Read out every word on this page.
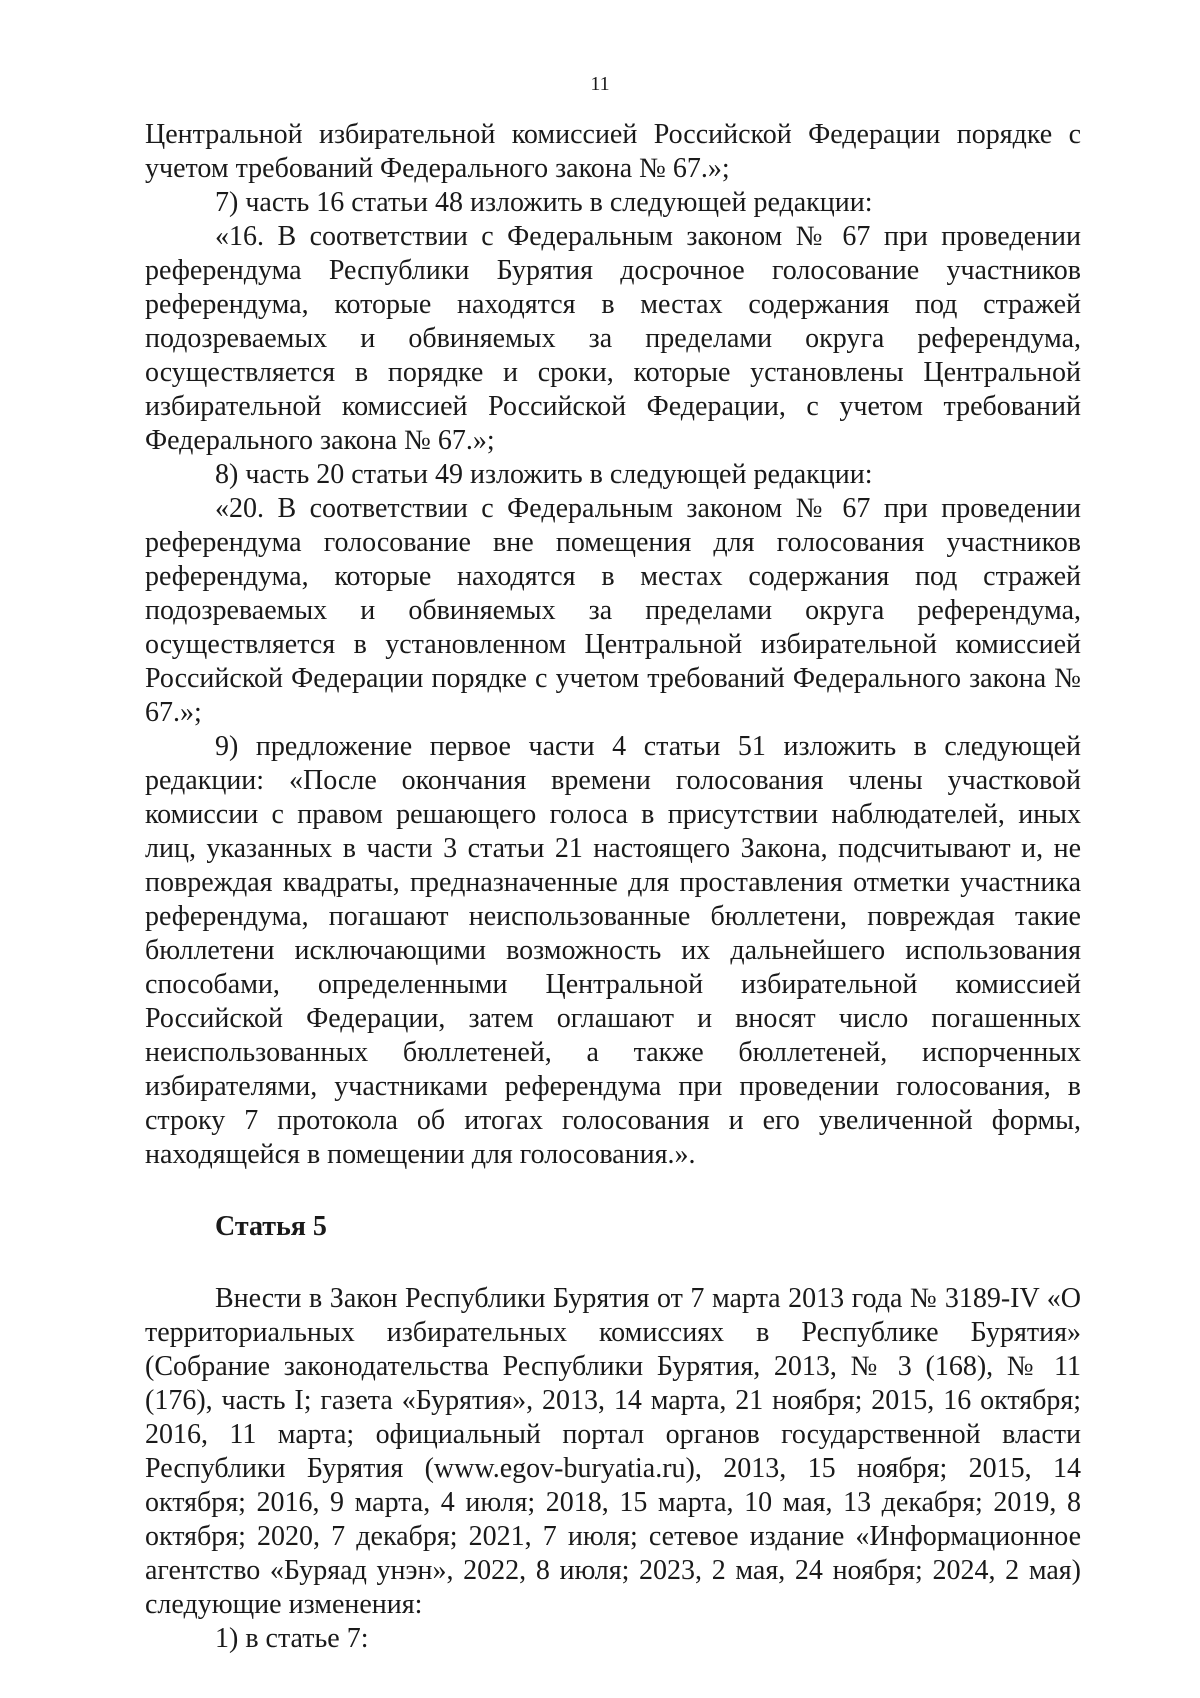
11

Центральной избирательной комиссией Российской Федерации порядке с учетом требований Федерального закона № 67.»;

7) часть 16 статьи 48 изложить в следующей редакции:

«16. В соответствии с Федеральным законом № 67 при проведении референдума Республики Бурятия досрочное голосование участников референдума, которые находятся в местах содержания под стражей подозреваемых и обвиняемых за пределами округа референдума, осуществляется в порядке и сроки, которые установлены Центральной избирательной комиссией Российской Федерации, с учетом требований Федерального закона № 67.»;

8) часть 20 статьи 49 изложить в следующей редакции:

«20. В соответствии с Федеральным законом № 67 при проведении референдума голосование вне помещения для голосования участников референдума, которые находятся в местах содержания под стражей подозреваемых и обвиняемых за пределами округа референдума, осуществляется в установленном Центральной избирательной комиссией Российской Федерации порядке с учетом требований Федерального закона № 67.»;

9) предложение первое части 4 статьи 51 изложить в следующей редакции: «После окончания времени голосования члены участковой комиссии с правом решающего голоса в присутствии наблюдателей, иных лиц, указанных в части 3 статьи 21 настоящего Закона, подсчитывают и, не повреждая квадраты, предназначенные для проставления отметки участника референдума, погашают неиспользованные бюллетени, повреждая такие бюллетени исключающими возможность их дальнейшего использования способами, определенными Центральной избирательной комиссией Российской Федерации, затем оглашают и вносят число погашенных неиспользованных бюллетеней, а также бюллетеней, испорченных избирателями, участниками референдума при проведении голосования, в строку 7 протокола об итогах голосования и его увеличенной формы, находящейся в помещении для голосования.».

Статья 5

Внести в Закон Республики Бурятия от 7 марта 2013 года № 3189-IV «О территориальных избирательных комиссиях в Республике Бурятия» (Собрание законодательства Республики Бурятия, 2013, № 3 (168), № 11 (176), часть I; газета «Бурятия», 2013, 14 марта, 21 ноября; 2015, 16 октября; 2016, 11 марта; официальный портал органов государственной власти Республики Бурятия (www.egov-buryatia.ru), 2013, 15 ноября; 2015, 14 октября; 2016, 9 марта, 4 июля; 2018, 15 марта, 10 мая, 13 декабря; 2019, 8 октября; 2020, 7 декабря; 2021, 7 июля; сетевое издание «Информационное агентство «Буряад унэн», 2022, 8 июля; 2023, 2 мая, 24 ноября; 2024, 2 мая) следующие изменения:

1) в статье 7:
